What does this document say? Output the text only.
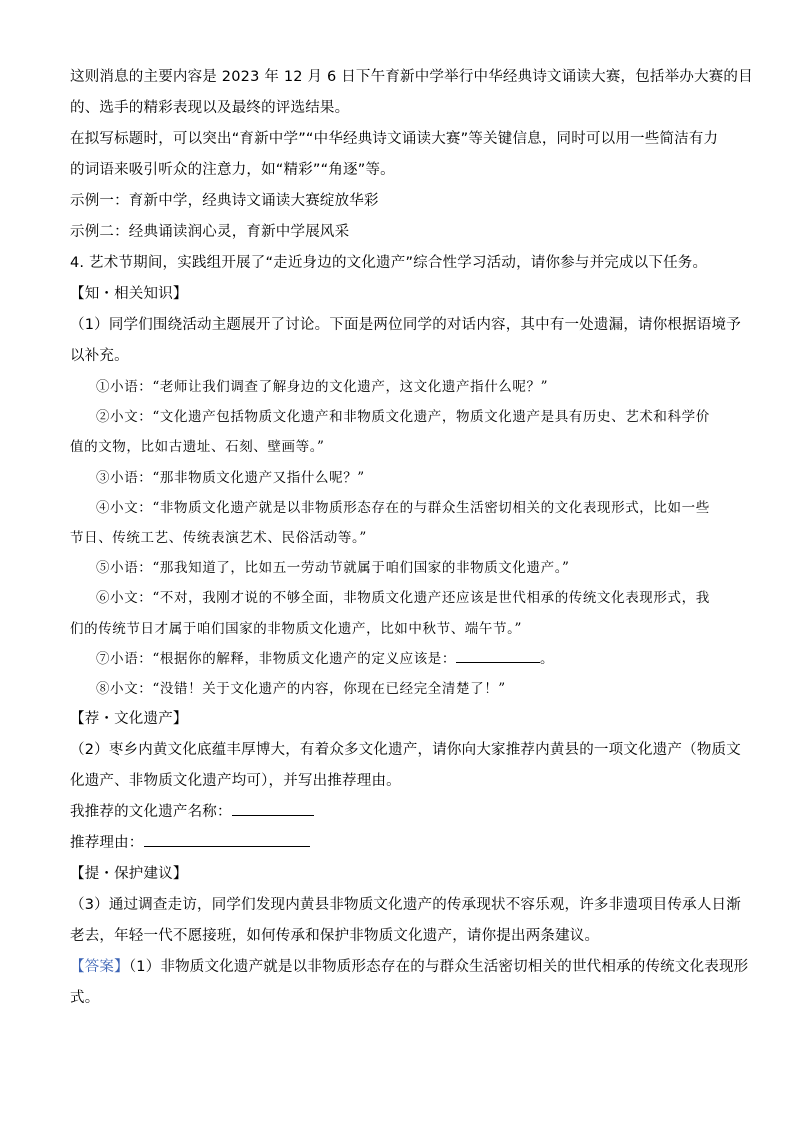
这则消息的主要内容是 2023 年 12 月 6 日下午育新中学举行中华经典诗文诵读大赛，包括举办大赛的目
的、选手的精彩表现以及最终的评选结果。
在拟写标题时，可以突出“育新中学”“中华经典诗文诵读大赛”等关键信息，同时可以用一些简洁有力
的词语来吸引听众的注意力，如“精彩”“角逐”等。
示例一：育新中学，经典诗文诵读大赛绽放华彩
示例二：经典诵读润心灵，育新中学展风采
4. 艺术节期间，实践组开展了“走近身边的文化遗产”综合性学习活动，请你参与并完成以下任务。
【知・相关知识】
（1）同学们围绕活动主题展开了讨论。下面是两位同学的对话内容，其中有一处遗漏，请你根据语境予
以补充。
①小语：“老师让我们调查了解身边的文化遗产，这文化遗产指什么呢？”
②小文：“文化遗产包括物质文化遗产和非物质文化遗产，物质文化遗产是具有历史、艺术和科学价
值的文物，比如古遗址、石刻、壁画等。”
③小语：“那非物质文化遗产又指什么呢？”
④小文：“非物质文化遗产就是以非物质形态存在的与群众生活密切相关的文化表现形式，比如一些
节日、传统工艺、传统表演艺术、民俗活动等。”
⑤小语：“那我知道了，比如五一劳动节就属于咱们国家的非物质文化遗产。”
⑥小文：“不对，我刚才说的不够全面，非物质文化遗产还应该是世代相承的传统文化表现形式，我
们的传统节日才属于咱们国家的非物质文化遗产，比如中秋节、端午节。”
⑦小语：“根据你的解释，非物质文化遗产的定义应该是：	。
⑧小文：“没错！关于文化遗产的内容，你现在已经完全清楚了！”
【荐・文化遗产】
（2）枣乡内黄文化底蕴丰厚博大，有着众多文化遗产，请你向大家推荐内黄县的一项文化遗产（物质文
化遗产、非物质文化遗产均可），并写出推荐理由。
我推荐的文化遗产名称：
推荐理由：
【提・保护建议】
（3）通过调查走访，同学们发现内黄县非物质文化遗产的传承现状不容乐观，许多非遗项目传承人日渐
老去，年轻一代不愿接班，如何传承和保护非物质文化遗产，请你提出两条建议。
【答案】（1）非物质文化遗产就是以非物质形态存在的与群众生活密切相关的世代相承的传统文化表现形
式。
